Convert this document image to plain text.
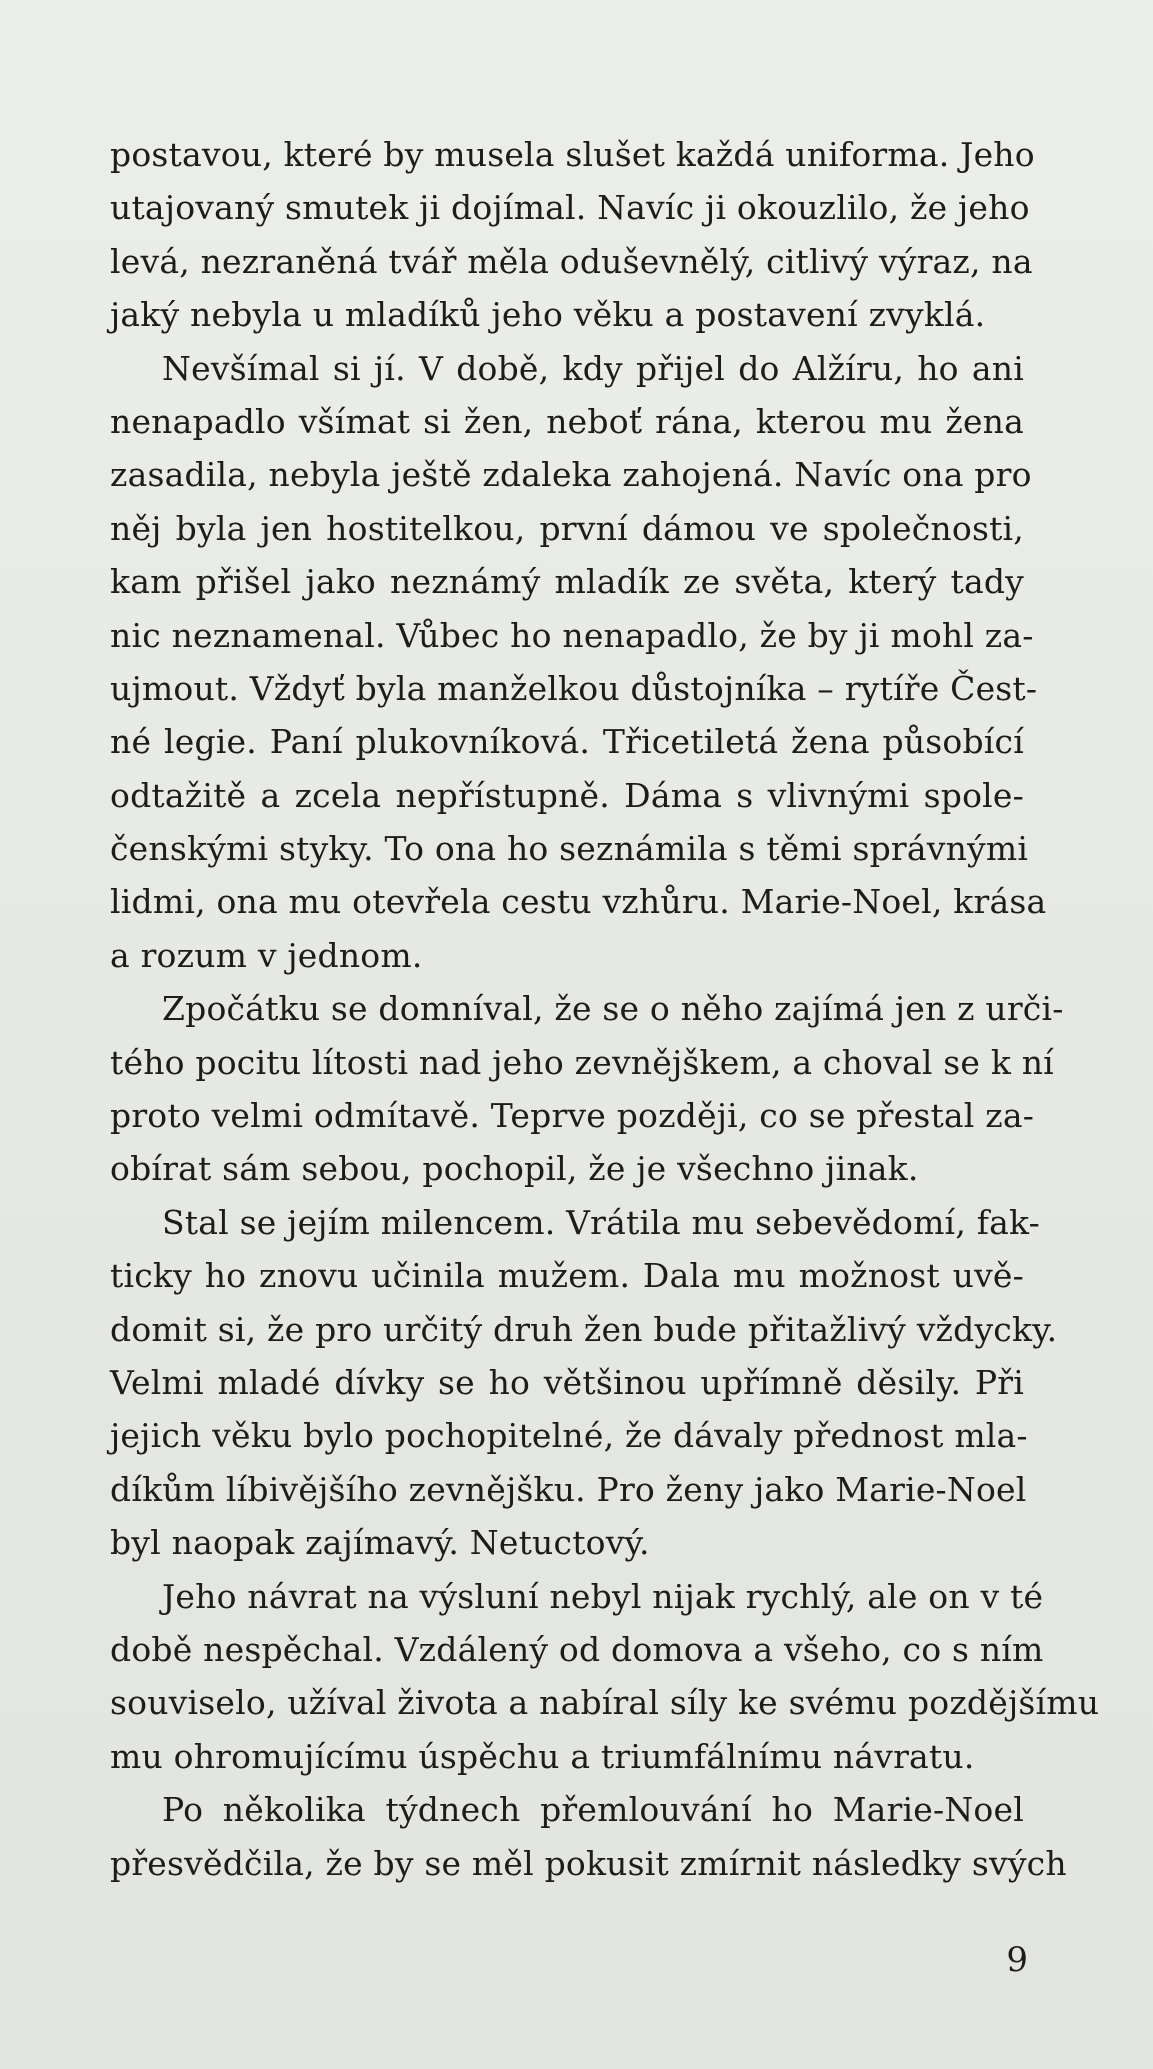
postavou, které by musela slušet každá uniforma. Jeho
utajovaný smutek ji dojímal. Navíc ji okouzlilo, že jeho
levá, nezraněná tvář měla oduševnělý, citlivý výraz, na
jaký nebyla u mladíků jeho věku a postavení zvyklá.
Nevšímal si jí. V době, kdy přijel do Alžíru, ho ani
nenapadlo všímat si žen, neboť rána, kterou mu žena
zasadila, nebyla ještě zdaleka zahojená. Navíc ona pro
něj byla jen hostitelkou, první dámou ve společnosti,
kam přišel jako neznámý mladík ze světa, který tady
nic neznamenal. Vůbec ho nenapadlo, že by ji mohl za-
ujmout. Vždyť byla manželkou důstojníka – rytíře Čest-
né legie. Paní plukovníková. Třicetiletá žena působící
odtažitě a zcela nepřístupně. Dáma s vlivnými spole-
čenskými styky. To ona ho seznámila s těmi správnými
lidmi, ona mu otevřela cestu vzhůru. Marie-Noel, krása
a rozum v jednom.
Zpočátku se domníval, že se o něho zajímá jen z urči-
tého pocitu lítosti nad jeho zevnějškem, a choval se k ní
proto velmi odmítavě. Teprve později, co se přestal za-
obírat sám sebou, pochopil, že je všechno jinak.
Stal se jejím milencem. Vrátila mu sebevědomí, fak-
ticky ho znovu učinila mužem. Dala mu možnost uvě-
domit si, že pro určitý druh žen bude přitažlivý vždycky.
Velmi mladé dívky se ho většinou upřímně děsily. Při
jejich věku bylo pochopitelné, že dávaly přednost mla-
díkům líbivějšího zevnějšku. Pro ženy jako Marie-Noel
byl naopak zajímavý. Netuctový.
Jeho návrat na výsluní nebyl nijak rychlý, ale on v té
době nespěchal. Vzdálený od domova a všeho, co s ním
souviselo, užíval života a nabíral síly ke svému pozdějšímu
mu ohromujícímu úspěchu a triumfálnímu návratu.
Po několika týdnech přemlouvání ho Marie-Noel
přesvědčila, že by se měl pokusit zmírnit následky svých
9
